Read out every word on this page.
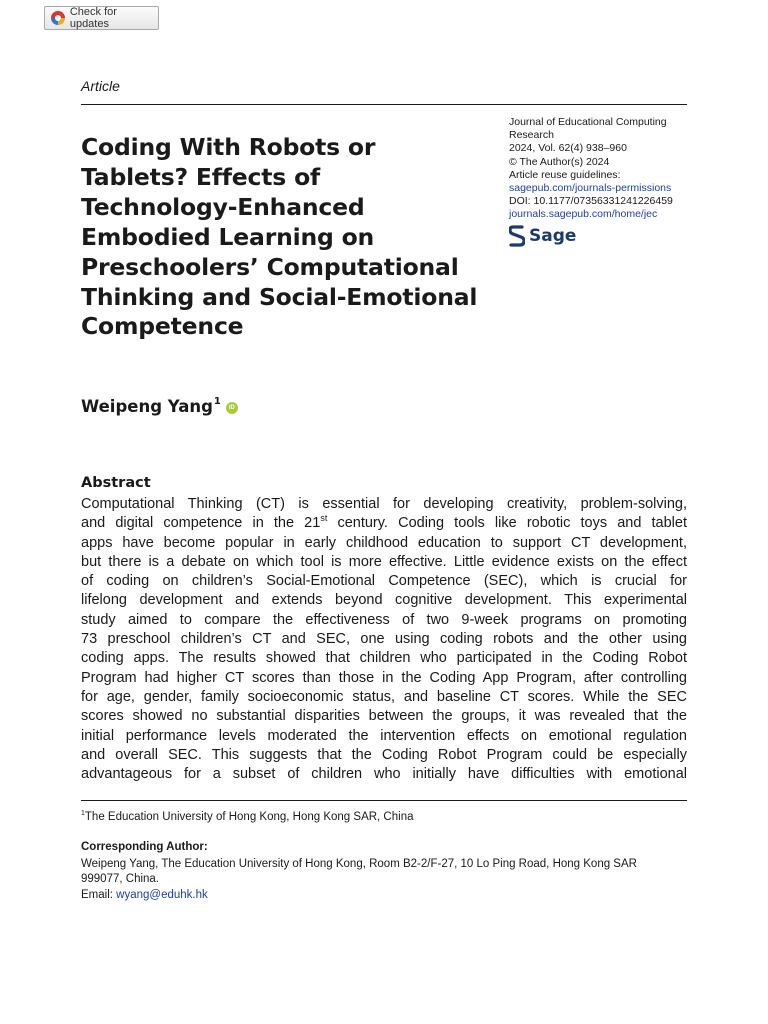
Check for updates
Article
Coding With Robots or
Tablets? Effects of
Technology-Enhanced
Embodied Learning on
Preschoolers’ Computational
Thinking and Social-Emotional
Competence
Journal of Educational Computing
Research
2024, Vol. 62(4) 938–960
© The Author(s) 2024
Article reuse guidelines:
sagepub.com/journals-permissions
DOI: 10.1177/07356331241226459
journals.sagepub.com/home/jec
Sage
Weipeng Yang$^1$
iD
Abstract
Computational Thinking (CT) is essential for developing creativity, problem-solving,
and digital competence in the 21st century. Coding tools like robotic toys and tablet
apps have become popular in early childhood education to support CT development,
but there is a debate on which tool is more effective. Little evidence exists on the effect
of coding on children’s Social-Emotional Competence (SEC), which is crucial for
lifelong development and extends beyond cognitive development. This experimental
study aimed to compare the effectiveness of two 9-week programs on promoting
73 preschool children’s CT and SEC, one using coding robots and the other using
coding apps. The results showed that children who participated in the Coding Robot
Program had higher CT scores than those in the Coding App Program, after controlling
for age, gender, family socioeconomic status, and baseline CT scores. While the SEC
scores showed no substantial disparities between the groups, it was revealed that the
initial performance levels moderated the intervention effects on emotional regulation
and overall SEC. This suggests that the Coding Robot Program could be especially
advantageous for a subset of children who initially have difficulties with emotional
$^1$The Education University of Hong Kong, Hong Kong SAR, China
Corresponding Author:
Weipeng Yang, The Education University of Hong Kong, Room B2-2/F-27, 10 Lo Ping Road, Hong Kong SAR
999077, China.
Email: wyang@eduhk.hk
